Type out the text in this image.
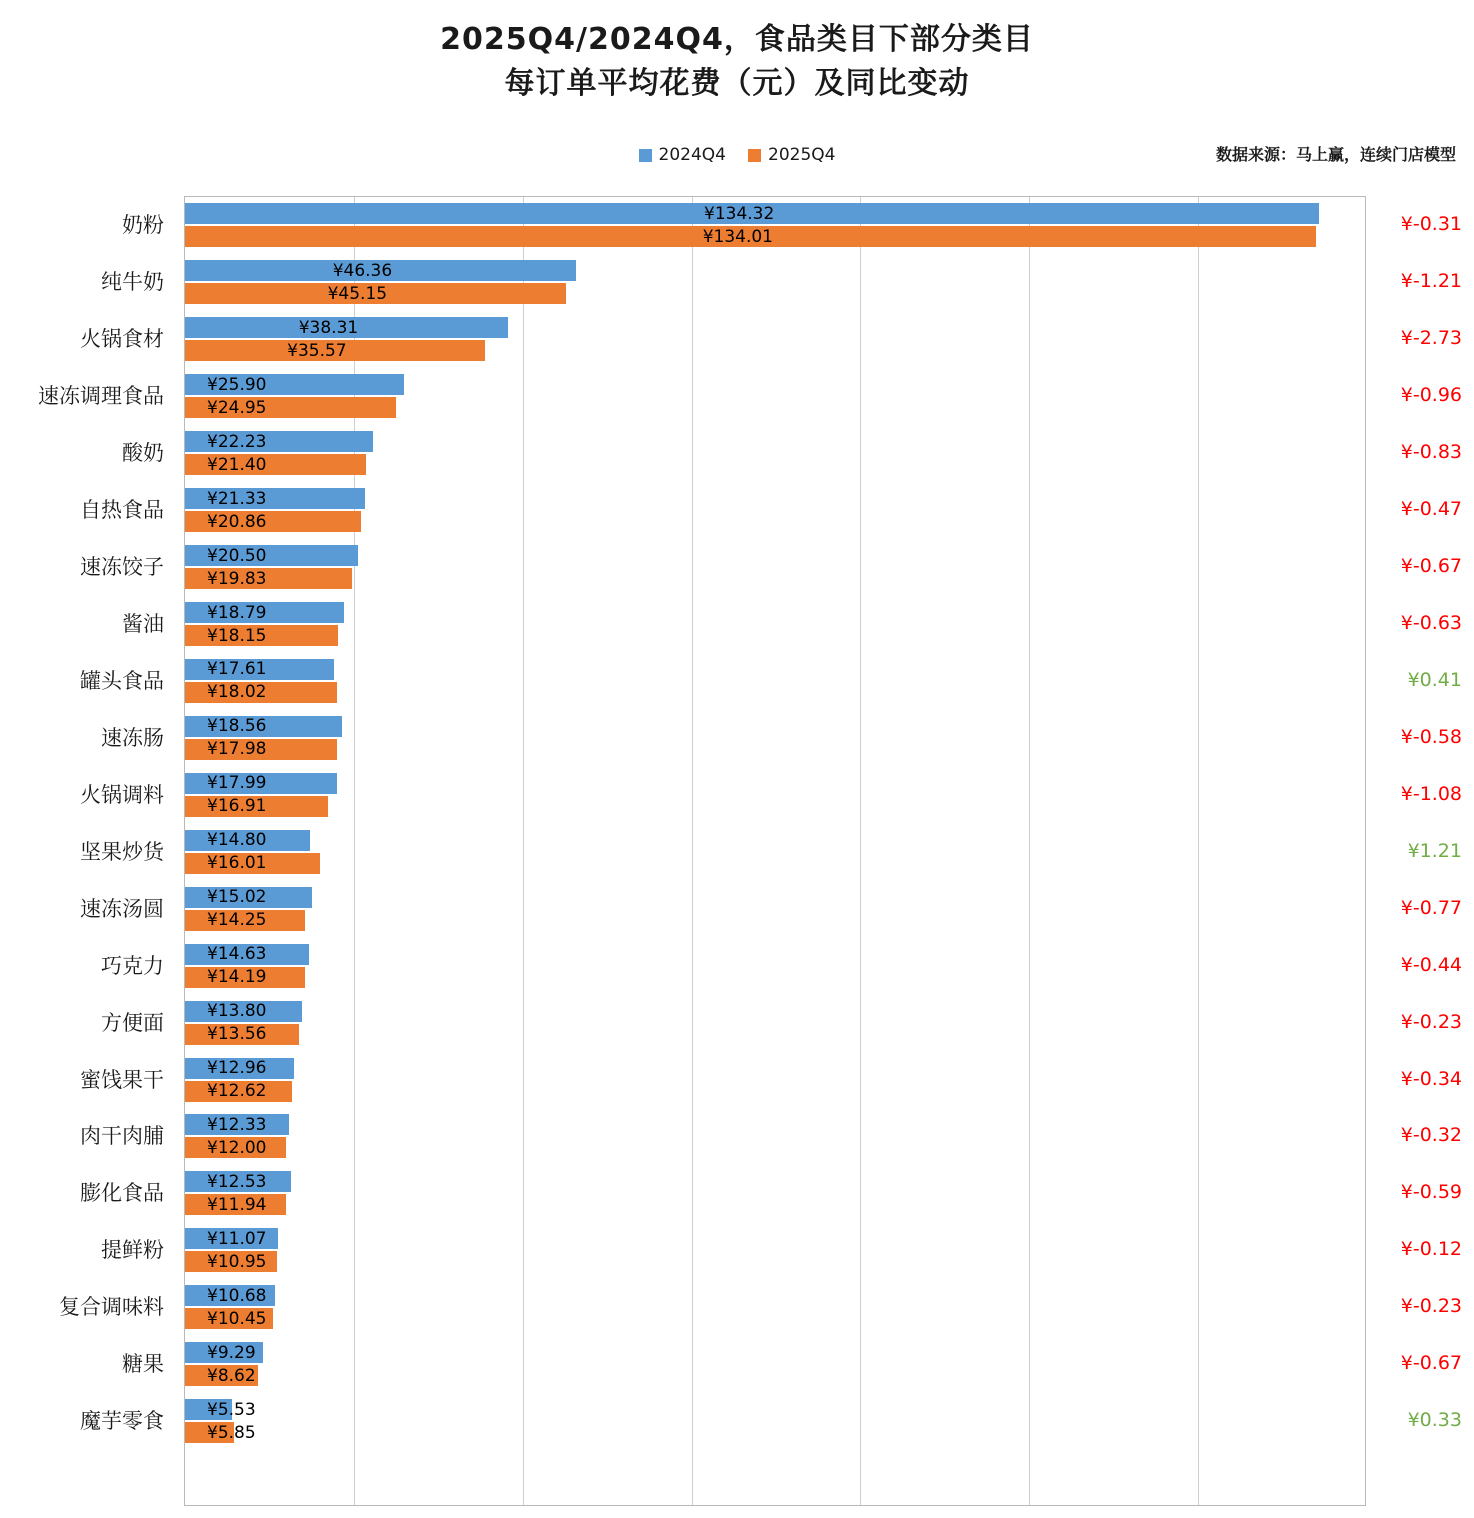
2025Q4/2024Q4，食品类目下部分类目
每订单平均花费（元）及同比变动
2024Q4 2025Q4	数据来源：马上赢，连续门店模型
奶粉
纯牛奶
火锅食材
速冻调理食品
酸奶
自热食品
速冻饺子
酱油
罐头食品
速冻肠
火锅调料
坚果炒货
速冻汤圆
巧克力
方便面
蜜饯果干
肉干肉脯
膨化食品
提鲜粉
复合调味料
糖果
魔芋零食
¥134.32
¥134.01
¥46.36
¥45.15
¥38.31
¥35.57
¥25.90
¥24.95
¥22.23
¥21.40
¥21.33
¥20.86
¥20.50
¥19.83
¥18.79
¥18.15
¥17.61
¥18.02
¥18.56
¥17.98
¥17.99
¥16.91
¥14.80
¥16.01
¥15.02
¥14.25
¥14.63
¥14.19
¥13.80
¥13.56
¥12.96
¥12.62
¥12.33
¥12.00
¥12.53
¥11.94
¥11.07
¥10.95
¥10.68
¥10.45
¥9.29
¥8.62
¥5.53
¥5.85
¥-0.31
¥-1.21
¥-2.73
¥-0.96
¥-0.83
¥-0.47
¥-0.67
¥-0.63
¥0.41
¥-0.58
¥-1.08
¥1.21
¥-0.77
¥-0.44
¥-0.23
¥-0.34
¥-0.32
¥-0.59
¥-0.12
¥-0.23
¥-0.67
¥0.33
